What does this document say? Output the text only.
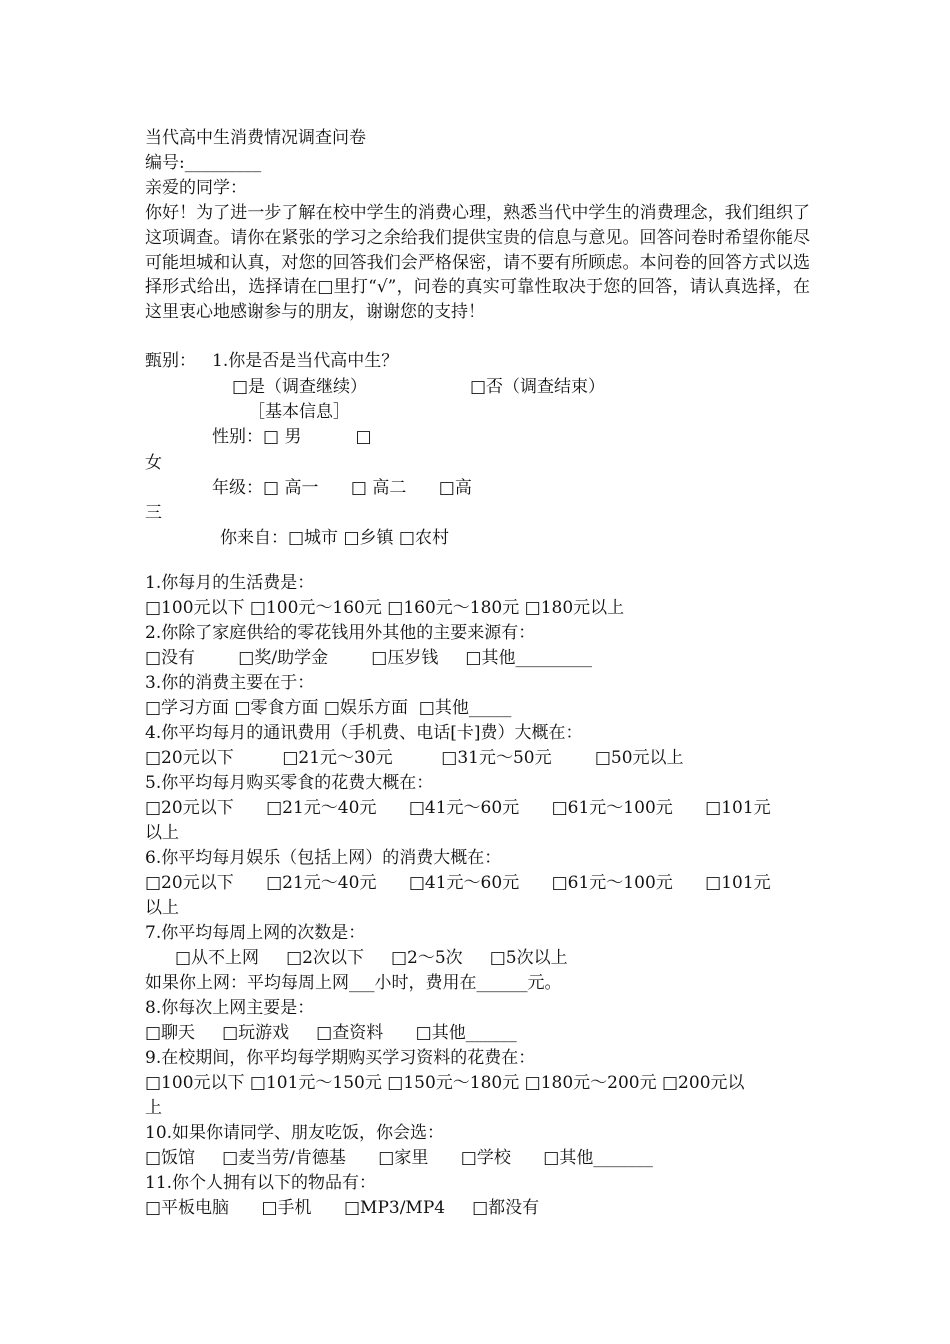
当代高中生消费情况调查问卷
编号:_________
亲爱的同学：
你好！为了进一步了解在校中学生的消费心理，熟悉当代中学生的消费理念，我们组织了这项调查。请你在紧张的学习之余给我们提供宝贵的信息与意见。回答问卷时希望你能尽可能坦城和认真，对您的回答我们会严格保密，请不要有所顾虑。本问卷的回答方式以选择形式给出，选择请在□里打“√”，问卷的真实可靠性取决于您的回答，请认真选择，在这里衷心地感谢参与的朋友，谢谢您的支持！
甄别： 1.你是否是当代高中生？
□是（调查继续）	□否（调查结束）
［基本信息］
性别：□ 男          □
女
年级：□ 高一      □ 高二      □高
三
你来自：□城市 □乡镇 □农村
1.你每月的生活费是：
□100元以下 □100元～160元 □160元～180元 □180元以上
2.你除了家庭供给的零花钱用外其他的主要来源有：
□没有        □奖/助学金        □压岁钱     □其他_________
3.你的消费主要在于：
□学习方面 □零食方面 □娱乐方面  □其他_____
4.你平均每月的通讯费用（手机费、电话[卡]费）大概在：
□20元以下         □21元～30元         □31元～50元        □50元以上
5.你平均每月购买零食的花费大概在：
□20元以下      □21元～40元      □41元～60元      □61元～100元      □101元
以上
6.你平均每月娱乐（包括上网）的消费大概在：
□20元以下      □21元～40元      □41元～60元      □61元～100元      □101元
以上
7.你平均每周上网的次数是：
□从不上网     □2次以下     □2～5次     □5次以上
如果你上网：平均每周上网___小时，费用在______元。
8.你每次上网主要是：
□聊天     □玩游戏     □查资料      □其他______
9.在校期间，你平均每学期购买学习资料的花费在：
□100元以下 □101元～150元 □150元～180元 □180元～200元 □200元以
上
10.如果你请同学、朋友吃饭，你会选：
□饭馆     □麦当劳/肯德基      □家里      □学校      □其他_______
11.你个人拥有以下的物品有：
□平板电脑      □手机      □MP3/MP4     □都没有
